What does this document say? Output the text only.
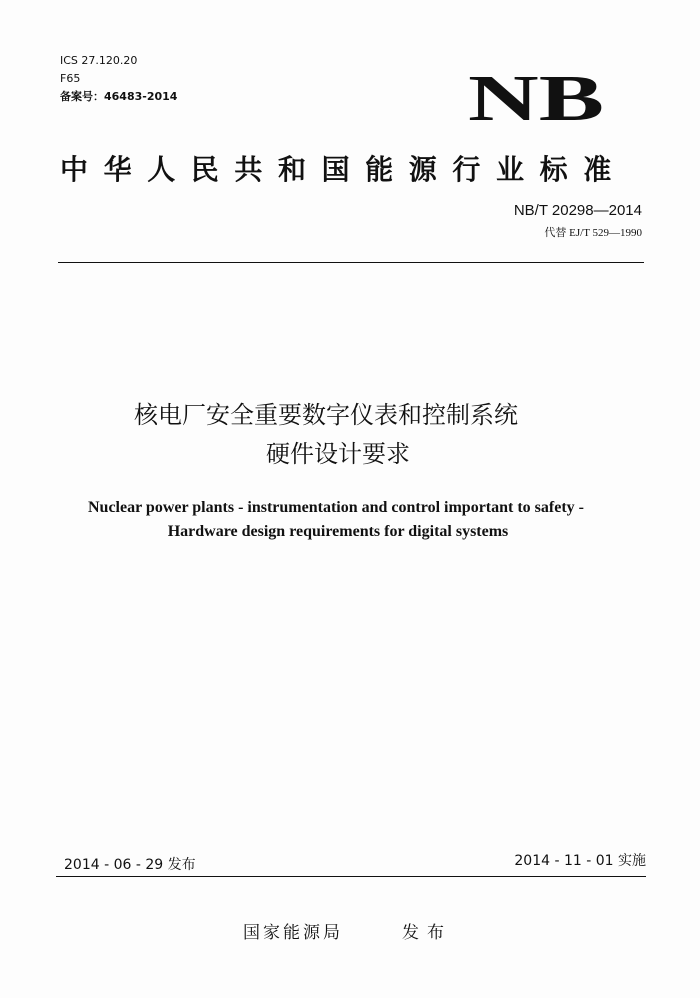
ICS 27.120.20
F65
备案号：46483-2014	NB
中华人民共和国能源行业标准
NB/T 20298—2014
代替 EJ/T 529—1990
核电厂安全重要数字仪表和控制系统
硬件设计要求
Nuclear power plants - instrumentation and control important to safety -
Hardware design requirements for digital systems
2014 - 06 - 29 发布	2014 - 11 - 01 实施
国家能源局	发布
